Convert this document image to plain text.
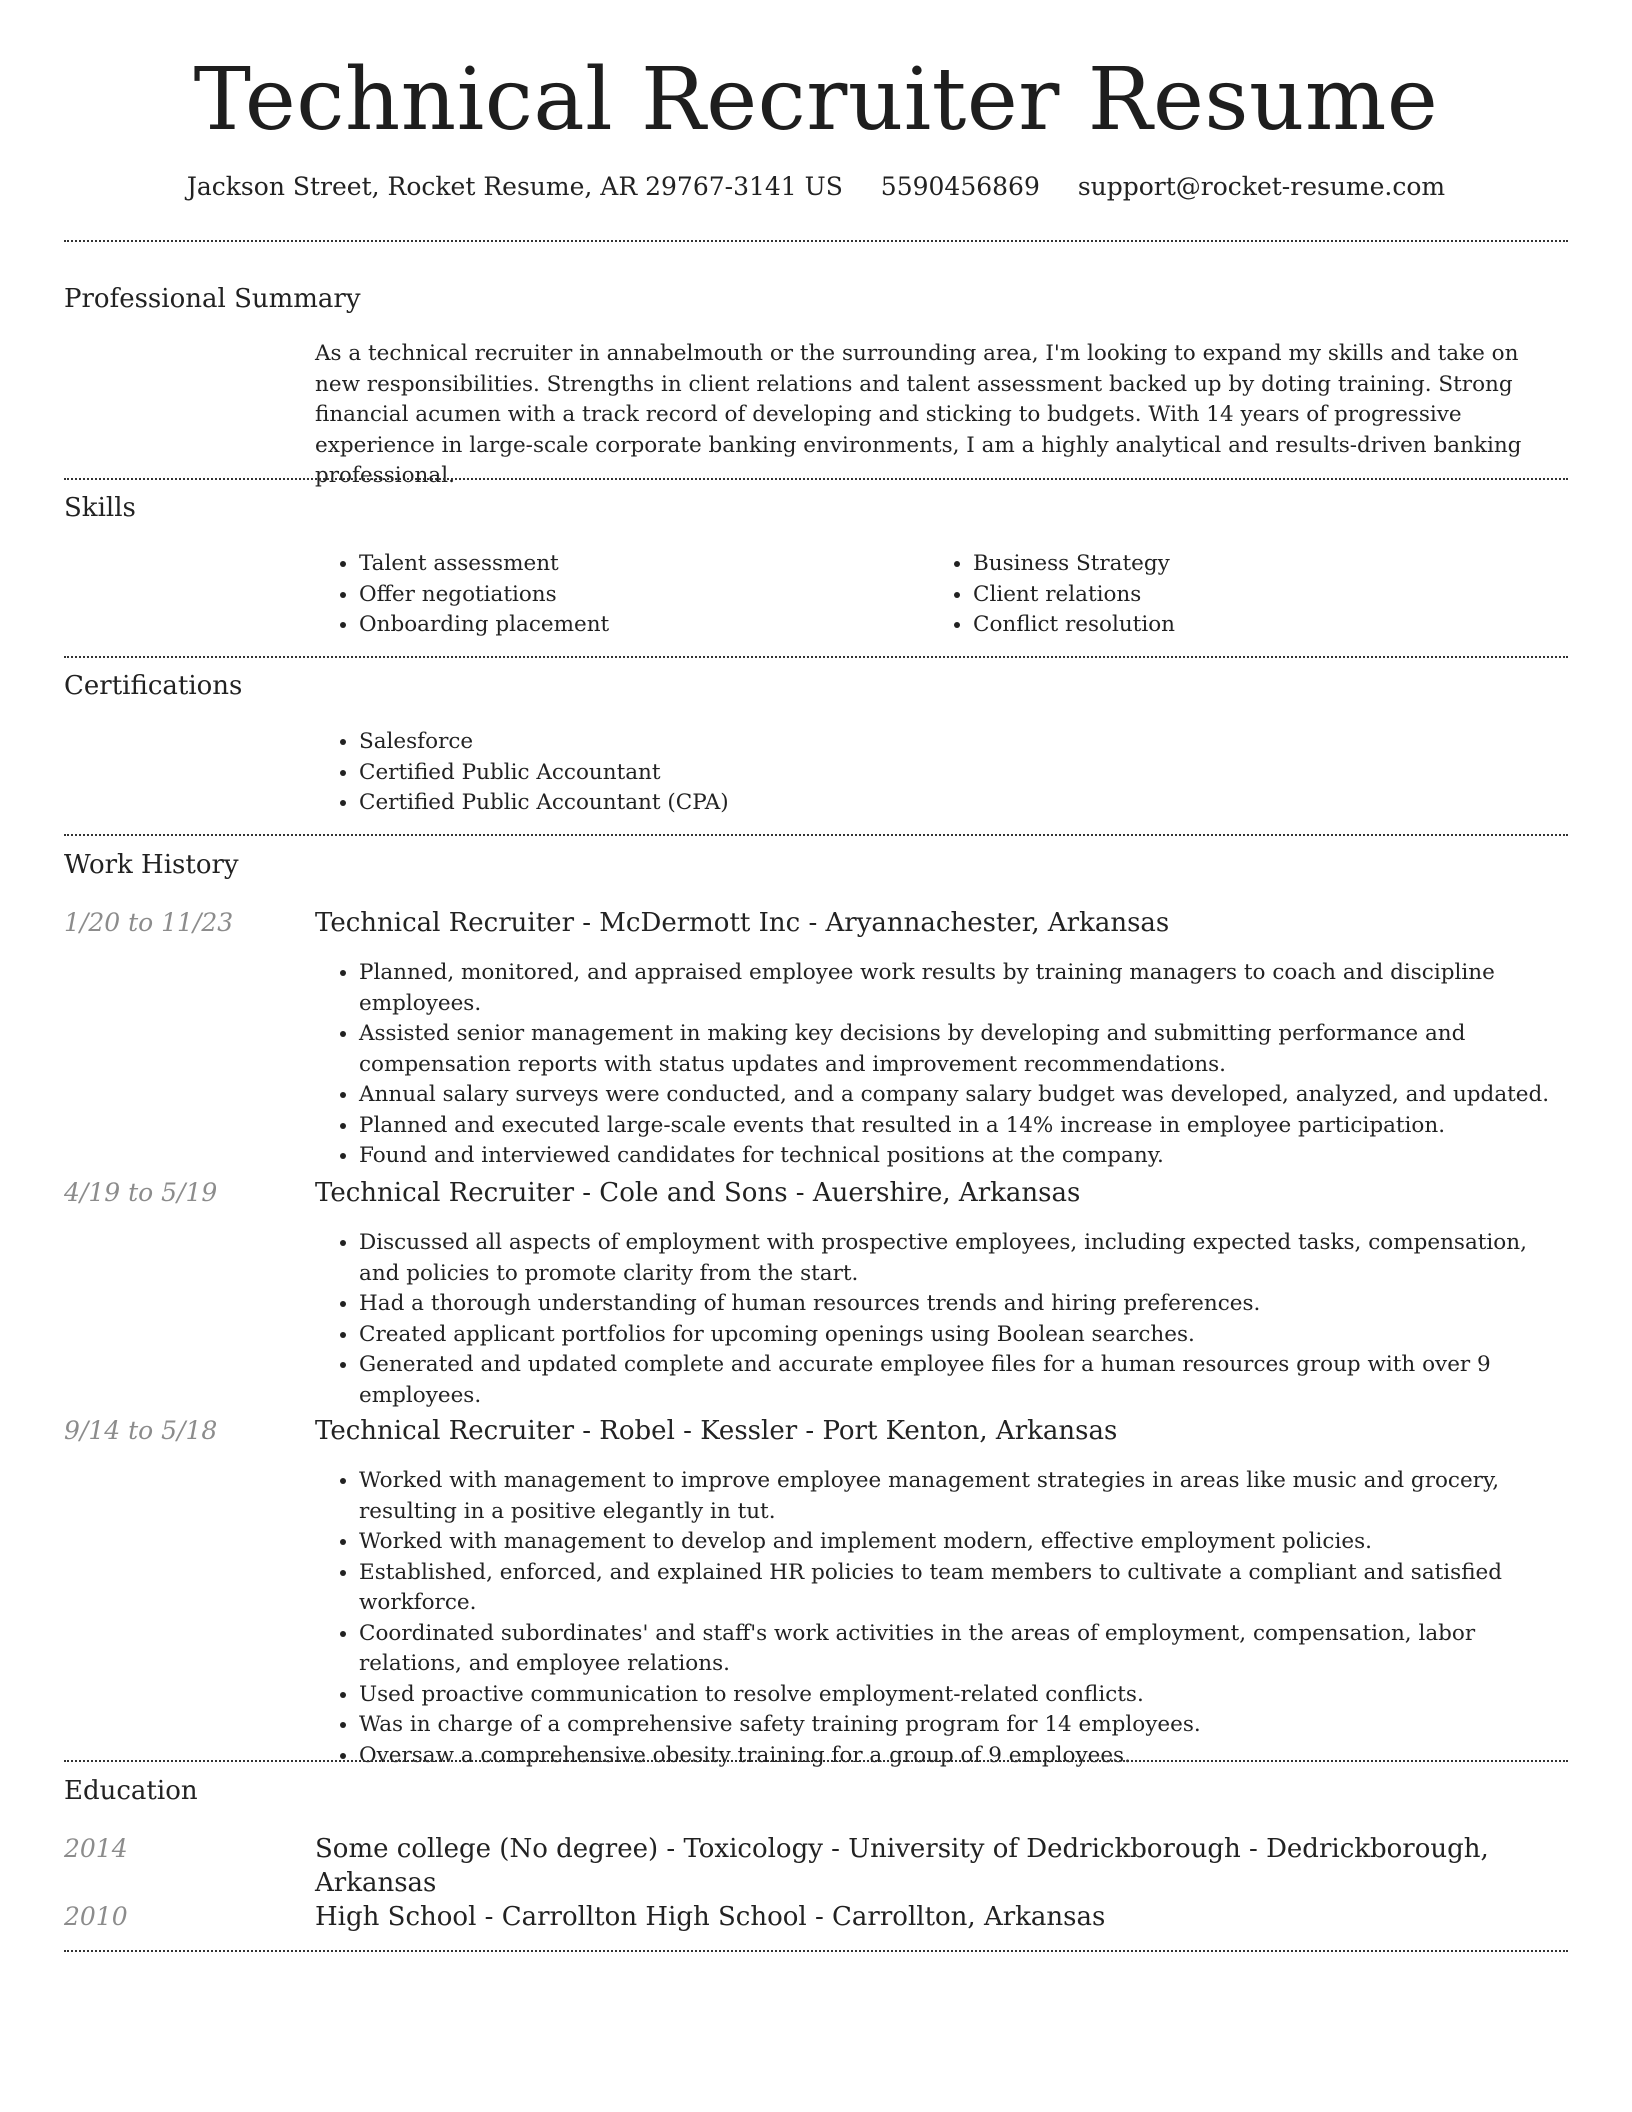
Technical Recruiter Resume
Jackson Street, Rocket Resume, AR 29767-3141 US 5590456869 support@rocket-resume.com
Professional Summary
As a technical recruiter in annabelmouth or the surrounding area, I'm looking to expand my skills and take on new responsibilities. Strengths in client relations and talent assessment backed up by doting training. Strong financial acumen with a track record of developing and sticking to budgets. With 14 years of progressive experience in large-scale corporate banking environments, I am a highly analytical and results-driven banking professional.
Skills
• Talent assessment
• Offer negotiations
• Onboarding placement
• Business Strategy
• Client relations
• Conflict resolution
Certifications
• Salesforce
• Certified Public Accountant
• Certified Public Accountant (CPA)
Work History
1/20 to 11/23	Technical Recruiter - McDermott Inc - Aryannachester, Arkansas
• Planned, monitored, and appraised employee work results by training managers to coach and discipline employees.
• Assisted senior management in making key decisions by developing and submitting performance and compensation reports with status updates and improvement recommendations.
• Annual salary surveys were conducted, and a company salary budget was developed, analyzed, and updated.
• Planned and executed large-scale events that resulted in a 14% increase in employee participation.
• Found and interviewed candidates for technical positions at the company.
4/19 to 5/19	Technical Recruiter - Cole and Sons - Auershire, Arkansas
• Discussed all aspects of employment with prospective employees, including expected tasks, compensation, and policies to promote clarity from the start.
• Had a thorough understanding of human resources trends and hiring preferences.
• Created applicant portfolios for upcoming openings using Boolean searches.
• Generated and updated complete and accurate employee files for a human resources group with over 9 employees.
9/14 to 5/18	Technical Recruiter - Robel - Kessler - Port Kenton, Arkansas
• Worked with management to improve employee management strategies in areas like music and grocery, resulting in a positive elegantly in tut.
• Worked with management to develop and implement modern, effective employment policies.
• Established, enforced, and explained HR policies to team members to cultivate a compliant and satisfied workforce.
• Coordinated subordinates' and staff's work activities in the areas of employment, compensation, labor relations, and employee relations.
• Used proactive communication to resolve employment-related conflicts.
• Was in charge of a comprehensive safety training program for 14 employees.
• Oversaw a comprehensive obesity training for a group of 9 employees.
Education
2014	Some college (No degree) - Toxicology - University of Dedrickborough - Dedrickborough, Arkansas
2010	High School - Carrollton High School - Carrollton, Arkansas
